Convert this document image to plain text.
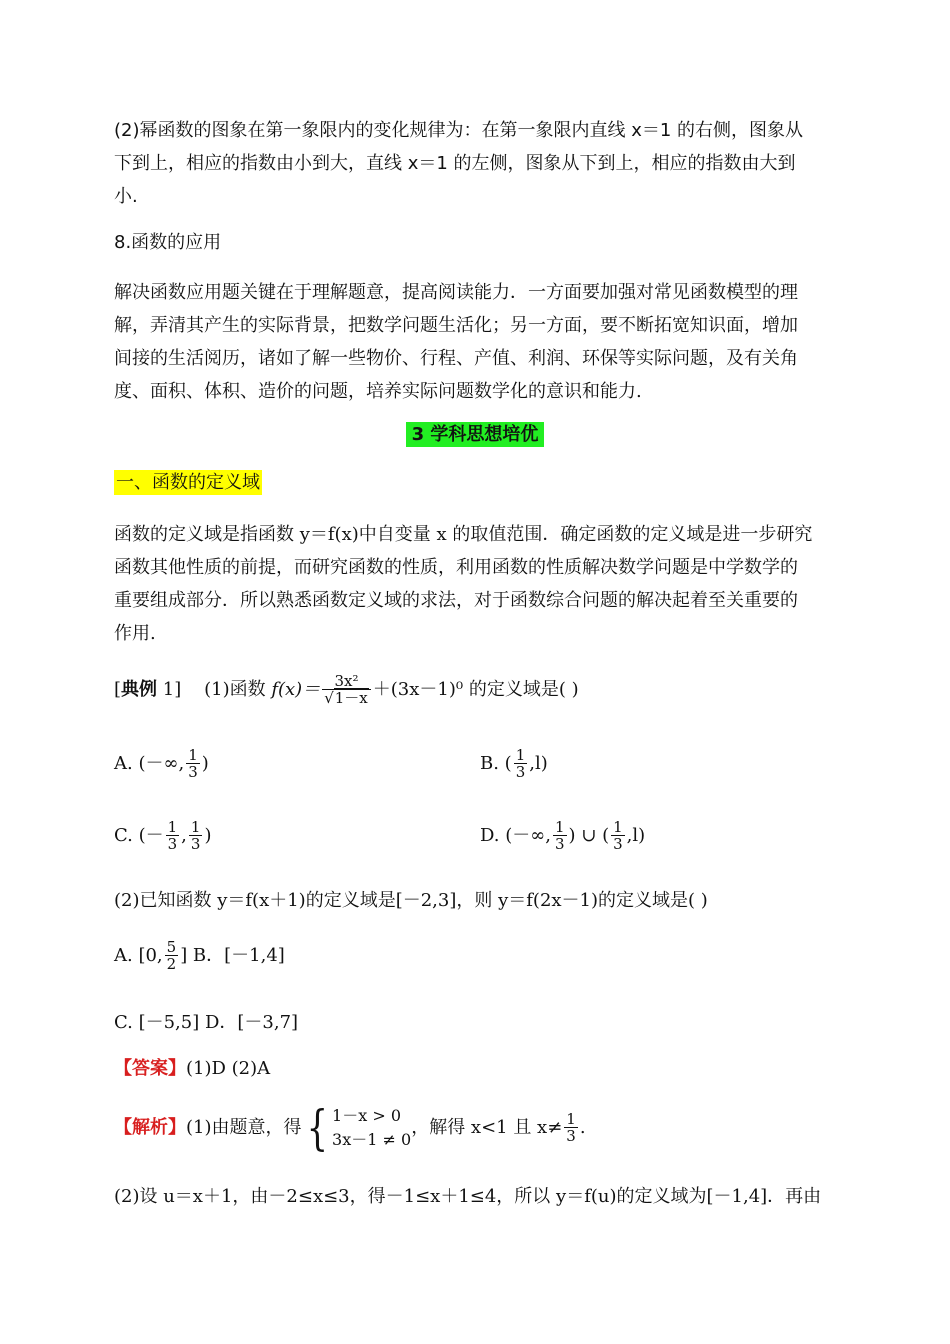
(2)幂函数的图象在第一象限内的变化规律为：在第一象限内直线 x＝1 的右侧，图象从
下到上，相应的指数由小到大，直线 x＝1 的左侧，图象从下到上，相应的指数由大到
小.
8.函数的应用
解决函数应用题关键在于理解题意，提高阅读能力．一方面要加强对常见函数模型的理
解，弄清其产生的实际背景，把数学问题生活化；另一方面，要不断拓宽知识面，增加
间接的生活阅历，诸如了解一些物价、行程、产值、利润、环保等实际问题，及有关角
度、面积、体积、造价的问题，培养实际问题数学化的意识和能力.
3 学科思想培优
一、函数的定义域
函数的定义域是指函数 y＝f(x)中自变量 x 的取值范围．确定函数的定义域是进一步研究
函数其他性质的前提，而研究函数的性质，利用函数的性质解决数学问题是中学数学的
重要组成部分．所以熟悉函数定义域的求法，对于函数综合问题的解决起着至关重要的
作用.
[典例 1] (1)函数 $f(x)= \frac{\text{3x²}}{√1-x} +(3x-1)^0$ 的定义域是( )
A. (－∞, $\frac{1}{3}$ )	B. ( $\frac{1}{3} ,l$)
C. (－ $\frac{1}{3}$ , $\frac{1}{3}$ )	D. (－∞, $\frac{1}{3}$ ) ∪ ( $\frac{1}{3} ,l$)
(2)已知函数 y＝f(x＋1)的定义域是[－2,3]，则 y＝f(2x－1)的定义域是( )
A. [0, $\frac{5}{2}$ ] B．[－1,4]
C. [－5,5] D．[－3,7]
【答案】(1)D (2)A
【解析】(1)由题意，得{ 1－x > 0
3x－1 ≠ 0
，解得 x<1 且 $x\ne \frac{1}{3}$ .
(2)设 u＝x＋1，由－2≤x≤3，得－1≤x＋1≤4，所以 y＝f(u)的定义域为[－1,4]．再由
